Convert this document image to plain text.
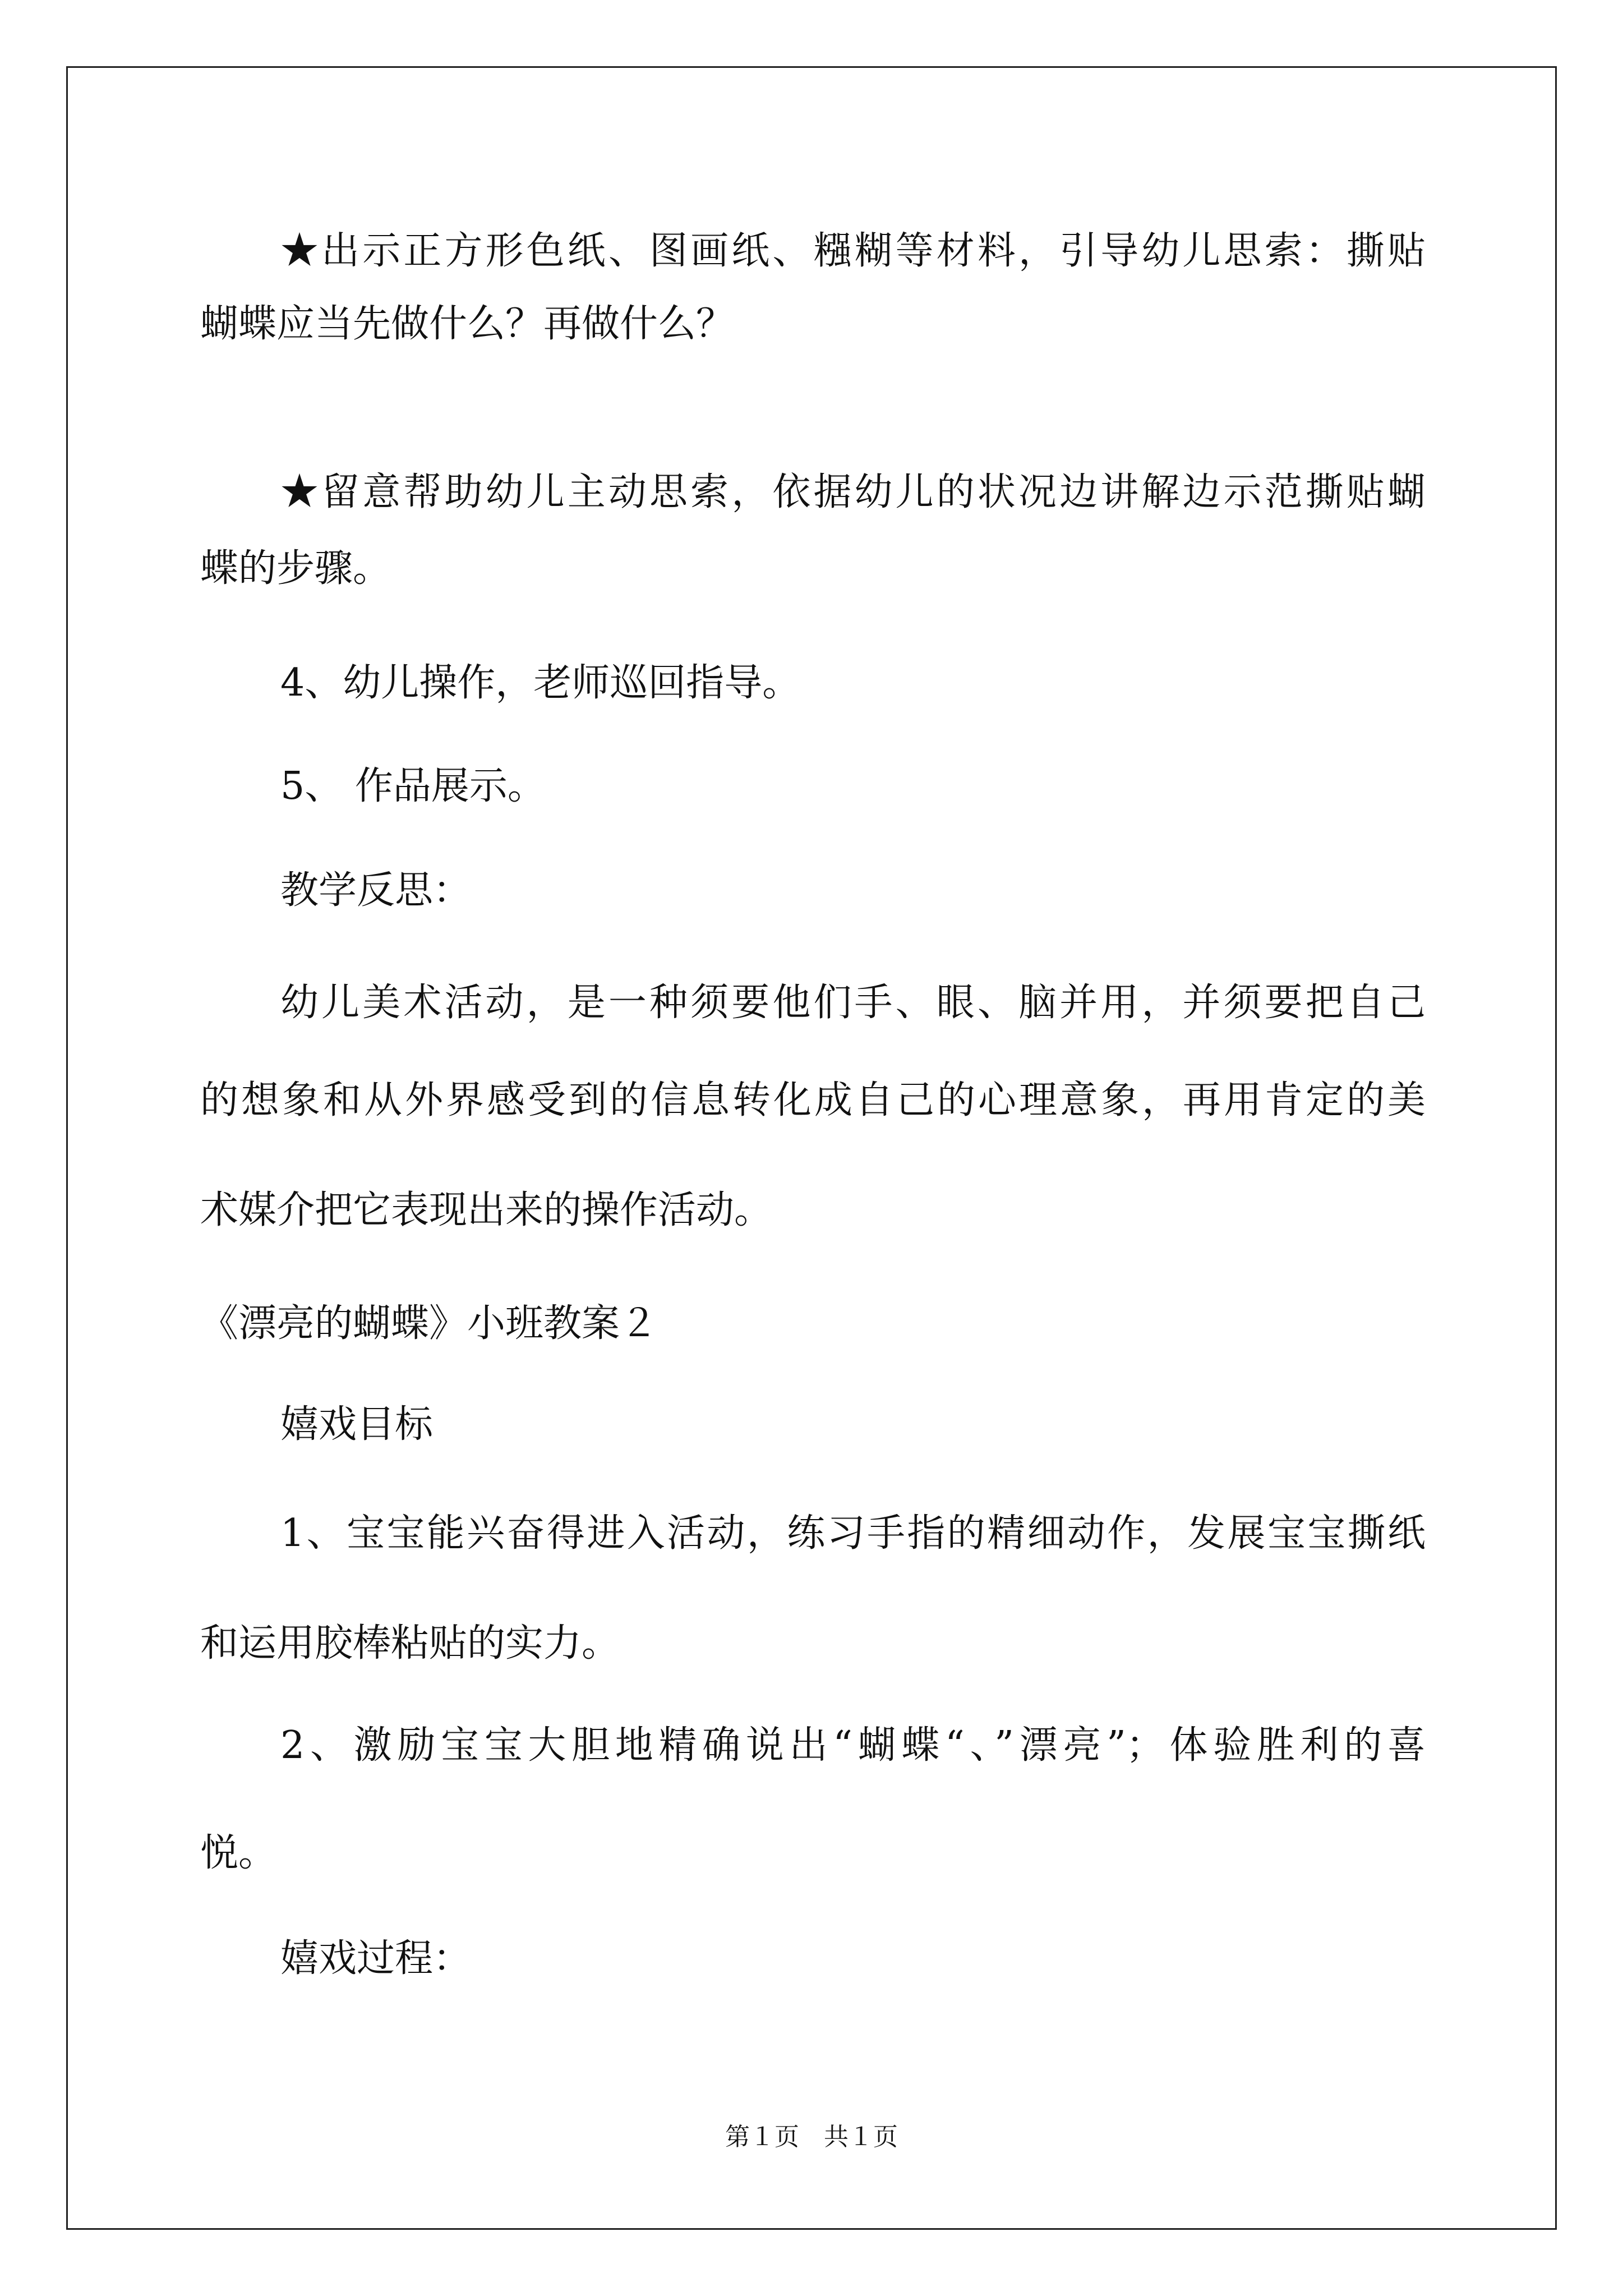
★出示正方形色纸、图画纸、糨糊等材料，引导幼儿思索：撕贴
蝴蝶应当先做什么？再做什么？
★留意帮助幼儿主动思索，依据幼儿的状况边讲解边示范撕贴蝴
蝶的步骤。
4、幼儿操作，老师巡回指导。
5、 作品展示。
教学反思：
幼儿美术活动，是一种须要他们手、眼、脑并用，并须要把自己
的想象和从外界感受到的信息转化成自己的心理意象，再用肯定的美
术媒介把它表现出来的操作活动。
《漂亮的蝴蝶》小班教案２
嬉戏目标
1、宝宝能兴奋得进入活动，练习手指的精细动作，发展宝宝撕纸
和运用胶棒粘贴的实力。
2、激励宝宝大胆地精确说出“蝴蝶“、”漂亮”；体验胜利的喜
悦。
嬉戏过程：
第１页　共１页
